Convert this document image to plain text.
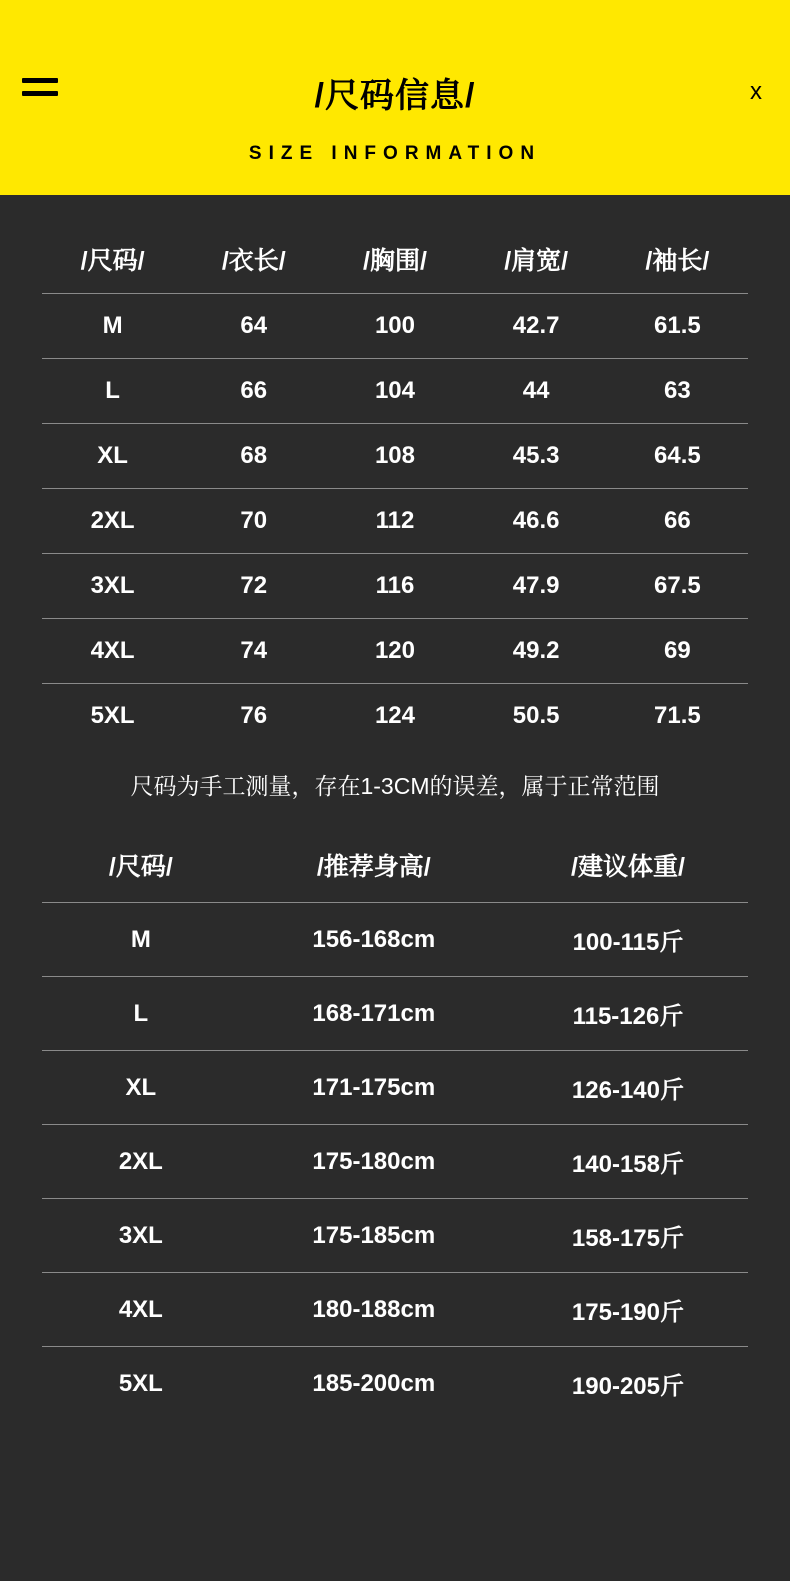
/尺码信息/
SIZE INFORMATION
x
/尺码/	/衣长/	/胸围/	/肩宽/	/袖长/
M	64	100	42.7	61.5
L	66	104	44	63
XL	68	108	45.3	64.5
2XL	70	112	46.6	66
3XL	72	116	47.9	67.5
4XL	74	120	49.2	69
5XL	76	124	50.5	71.5
尺码为手工测量，存在1-3CM的误差，属于正常范围
/尺码/	/推荐身高/	/建议体重/
M	156-168cm	100-115斤
L	168-171cm	115-126斤
XL	171-175cm	126-140斤
2XL	175-180cm	140-158斤
3XL	175-185cm	158-175斤
4XL	180-188cm	175-190斤
5XL	185-200cm	190-205斤
